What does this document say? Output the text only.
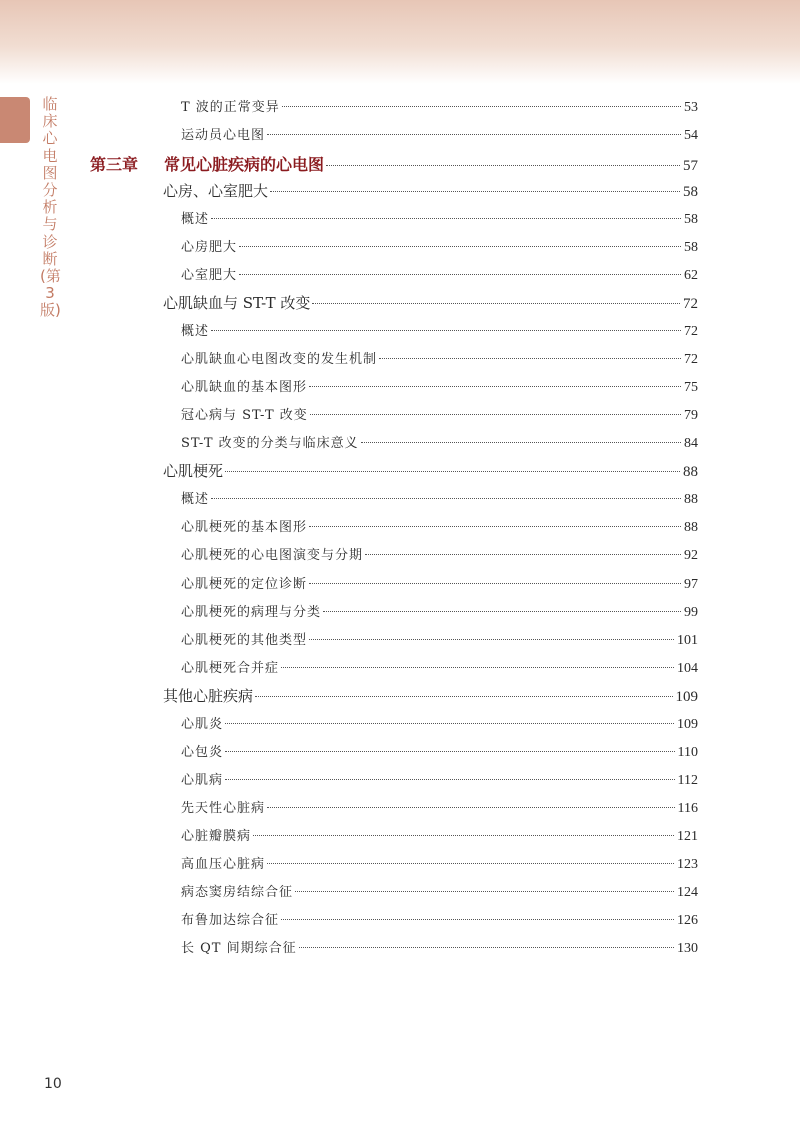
临床心电图分析与诊断(第3版)
T 波的正常变异	53
运动员心电图	54
第三章 常见心脏疾病的心电图	57
心房、心室肥大	58
概述	58
心房肥大	58
心室肥大	62
心肌缺血与 ST-T 改变	72
概述	72
心肌缺血心电图改变的发生机制	72
心肌缺血的基本图形	75
冠心病与 ST-T 改变	79
ST-T 改变的分类与临床意义	84
心肌梗死	88
概述	88
心肌梗死的基本图形	88
心肌梗死的心电图演变与分期	92
心肌梗死的定位诊断	97
心肌梗死的病理与分类	99
心肌梗死的其他类型	101
心肌梗死合并症	104
其他心脏疾病	109
心肌炎	109
心包炎	110
心肌病	112
先天性心脏病	116
心脏瓣膜病	121
高血压心脏病	123
病态窦房结综合征	124
布鲁加达综合征	126
长 QT 间期综合征	130
10
